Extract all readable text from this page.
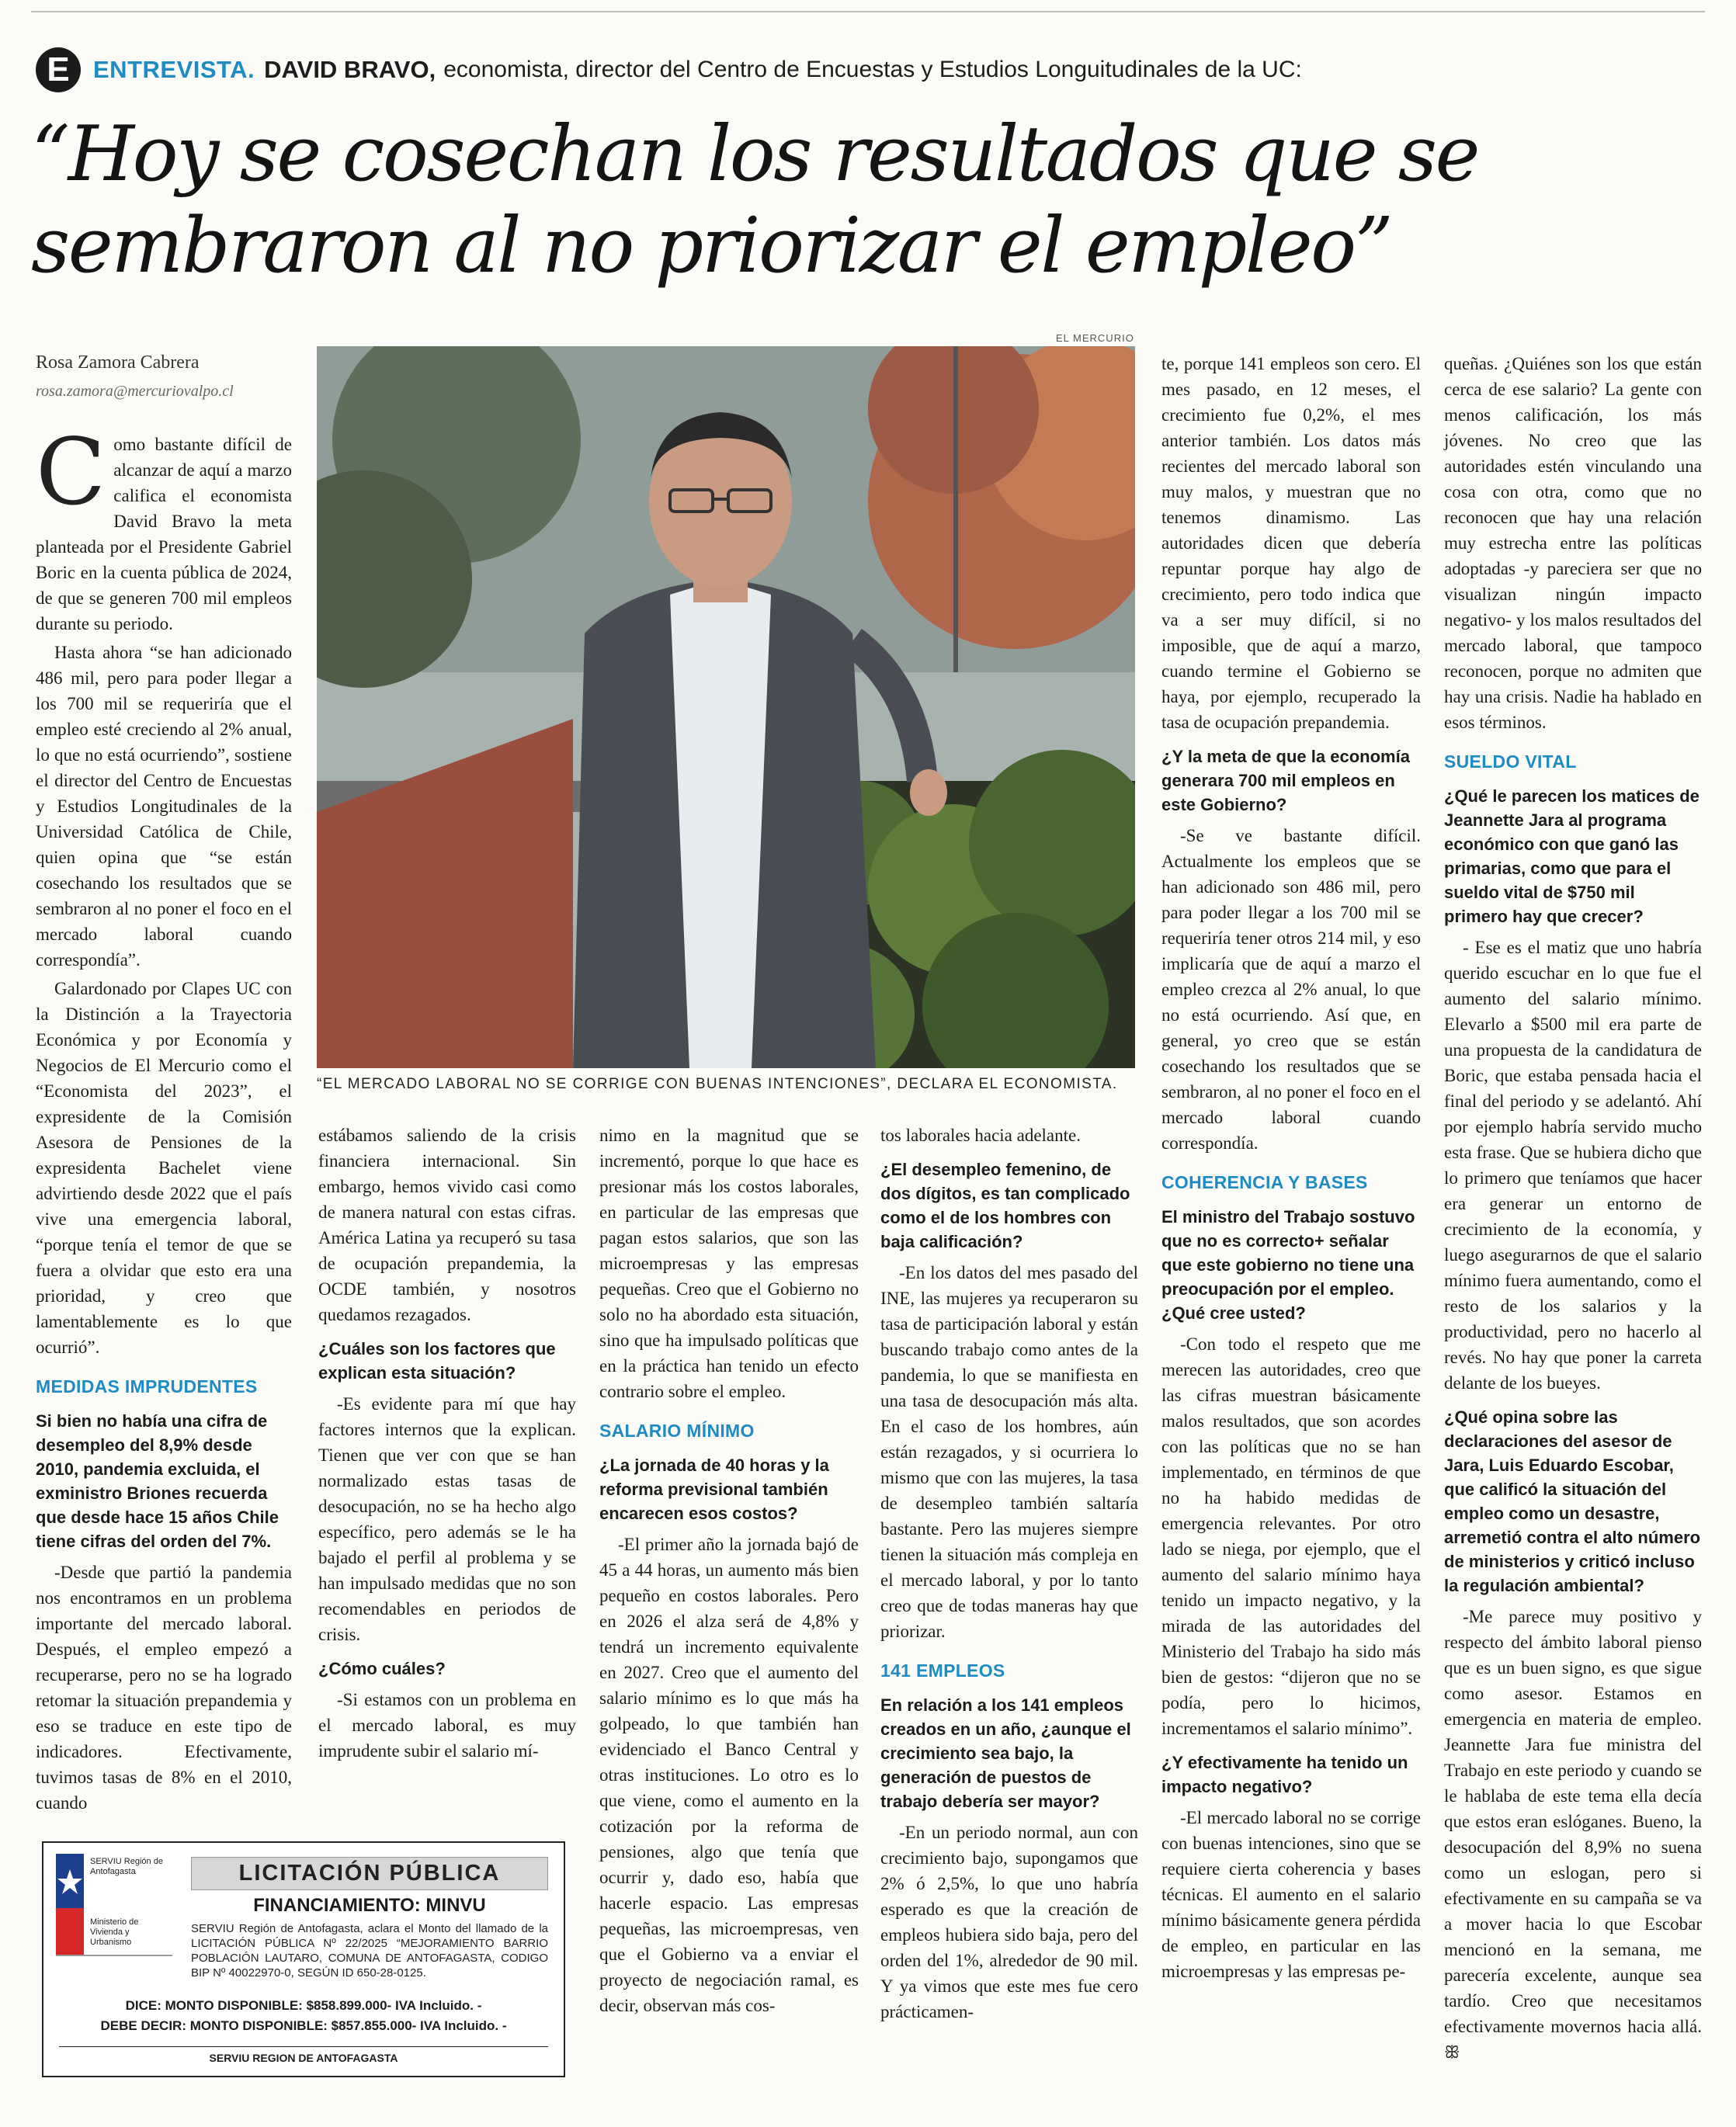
E ENTREVISTA. DAVID BRAVO, economista, director del Centro de Encuestas y Estudios Longuitudinales de la UC:
“Hoy se cosechan los resultados que se sembraron al no priorizar el empleo”
Rosa Zamora Cabrera
rosa.zamora@mercuriovalpo.cl
EL MERCURIO
“EL MERCADO LABORAL NO SE CORRIGE CON BUENAS INTENCIONES”, DECLARA EL ECONOMISTA.

Como bastante difícil de alcanzar de aquí a marzo califica el economista David Bravo la meta planteada por el Presidente Gabriel Boric en la cuenta pública de 2024, de que se generen 700 mil empleos durante su periodo.

Hasta ahora “se han adicionado 486 mil, pero para poder llegar a los 700 mil se requeriría que el empleo esté creciendo al 2% anual, lo que no está ocurriendo”, sostiene el director del Centro de Encuestas y Estudios Longitudinales de la Universidad Católica de Chile, quien opina que “se están cosechando los resultados que se sembraron al no poner el foco en el mercado laboral cuando correspondía”.

Galardonado por Clapes UC con la Distinción a la Trayectoria Económica y por Economía y Negocios de El Mercurio como el “Economista del 2023”, el expresidente de la Comisión Asesora de Pensiones de la expresidenta Bachelet viene advirtiendo desde 2022 que el país vive una emergencia laboral, “porque tenía el temor de que se fuera a olvidar que esto era una prioridad, y creo que lamentablemente es lo que ocurrió”.

MEDIDAS IMPRUDENTES

Si bien no había una cifra de desempleo del 8,9% desde 2010, pandemia excluida, el exministro Briones recuerda que desde hace 15 años Chile tiene cifras del orden del 7%.

-Desde que partió la pandemia nos encontramos en un problema importante del mercado laboral. Después, el empleo empezó a recuperarse, pero no se ha logrado retomar la situación prepandemia y eso se traduce en este tipo de indicadores. Efectivamente, tuvimos tasas de 8% en el 2010, cuando

estábamos saliendo de la crisis financiera internacional. Sin embargo, hemos vivido casi como de manera natural con estas cifras. América Latina ya recuperó su tasa de ocupación prepandemia, la OCDE también, y nosotros quedamos rezagados.

¿Cuáles son los factores que explican esta situación?

-Es evidente para mí que hay factores internos que la explican. Tienen que ver con que se han normalizado estas tasas de desocupación, no se ha hecho algo específico, pero además se le ha bajado el perfil al problema y se han impulsado medidas que no son recomendables en periodos de crisis.

¿Cómo cuáles?

-Si estamos con un problema en el mercado laboral, es muy imprudente subir el salario mí-

nimo en la magnitud que se incrementó, porque lo que hace es presionar más los costos laborales, en particular de las empresas que pagan estos salarios, que son las microempresas y las empresas pequeñas. Creo que el Gobierno no solo no ha abordado esta situación, sino que ha impulsado políticas que en la práctica han tenido un efecto contrario sobre el empleo.

SALARIO MÍNIMO

¿La jornada de 40 horas y la reforma previsional también encarecen esos costos?

-El primer año la jornada bajó de 45 a 44 horas, un aumento más bien pequeño en costos laborales. Pero en 2026 el alza será de 4,8% y tendrá un incremento equivalente en 2027. Creo que el aumento del salario mínimo es lo que más ha golpeado, lo que también han evidenciado el Banco Central y otras instituciones. Lo otro es lo que viene, como el aumento en la cotización por la reforma de pensiones, algo que tenía que ocurrir y, dado eso, había que hacerle espacio. Las empresas pequeñas, las microempresas, ven que el Gobierno va a enviar el proyecto de negociación ramal, es decir, observan más cos-

tos laborales hacia adelante.

¿El desempleo femenino, de dos dígitos, es tan complicado como el de los hombres con baja calificación?

-En los datos del mes pasado del INE, las mujeres ya recuperaron su tasa de participación laboral y están buscando trabajo como antes de la pandemia, lo que se manifiesta en una tasa de desocupación más alta. En el caso de los hombres, aún están rezagados, y si ocurriera lo mismo que con las mujeres, la tasa de desempleo también saltaría bastante. Pero las mujeres siempre tienen la situación más compleja en el mercado laboral, y por lo tanto creo que de todas maneras hay que priorizar.

141 EMPLEOS

En relación a los 141 empleos creados en un año, ¿aunque el crecimiento sea bajo, la generación de puestos de trabajo debería ser mayor?

-En un periodo normal, aun con crecimiento bajo, supongamos que 2% ó 2,5%, lo que uno habría esperado es que la creación de empleos hubiera sido baja, pero del orden del 1%, alrededor de 90 mil. Y ya vimos que este mes fue cero prácticamen-

te, porque 141 empleos son cero. El mes pasado, en 12 meses, el crecimiento fue 0,2%, el mes anterior también. Los datos más recientes del mercado laboral son muy malos, y muestran que no tenemos dinamismo. Las autoridades dicen que debería repuntar porque hay algo de crecimiento, pero todo indica que va a ser muy difícil, si no imposible, que de aquí a marzo, cuando termine el Gobierno se haya, por ejemplo, recuperado la tasa de ocupación prepandemia.

¿Y la meta de que la economía generara 700 mil empleos en este Gobierno?

-Se ve bastante difícil. Actualmente los empleos que se han adicionado son 486 mil, pero para poder llegar a los 700 mil se requeriría tener otros 214 mil, y eso implicaría que de aquí a marzo el empleo crezca al 2% anual, lo que no está ocurriendo. Así que, en general, yo creo que se están cosechando los resultados que se sembraron, al no poner el foco en el mercado laboral cuando correspondía.

COHERENCIA Y BASES

El ministro del Trabajo sostuvo que no es correcto+ señalar que este gobierno no tiene una preocupación por el empleo. ¿Qué cree usted?

-Con todo el respeto que me merecen las autoridades, creo que las cifras muestran básicamente malos resultados, que son acordes con las políticas que no se han implementado, en términos de que no ha habido medidas de emergencia relevantes. Por otro lado se niega, por ejemplo, que el aumento del salario mínimo haya tenido un impacto negativo, y la mirada de las autoridades del Ministerio del Trabajo ha sido más bien de gestos: “dijeron que no se podía, pero lo hicimos, incrementamos el salario mínimo”.

¿Y efectivamente ha tenido un impacto negativo?

-El mercado laboral no se corrige con buenas intenciones, sino que se requiere cierta coherencia y bases técnicas. El aumento en el salario mínimo básicamente genera pérdida de empleo, en particular en las microempresas y las empresas pe-

queñas. ¿Quiénes son los que están cerca de ese salario? La gente con menos calificación, los más jóvenes. No creo que las autoridades estén vinculando una cosa con otra, como que no reconocen que hay una relación muy estrecha entre las políticas adoptadas -y pareciera ser que no visualizan ningún impacto negativo- y los malos resultados del mercado laboral, que tampoco reconocen, porque no admiten que hay una crisis. Nadie ha hablado en esos términos.

SUELDO VITAL

¿Qué le parecen los matices de Jeannette Jara al programa económico con que ganó las primarias, como que para el sueldo vital de $750 mil primero hay que crecer?

- Ese es el matiz que uno habría querido escuchar en lo que fue el aumento del salario mínimo. Elevarlo a $500 mil era parte de una propuesta de la candidatura de Boric, que estaba pensada hacia el final del periodo y se adelantó. Ahí por ejemplo habría servido mucho esta frase. Que se hubiera dicho que lo primero que teníamos que hacer era generar un entorno de crecimiento de la economía, y luego asegurarnos de que el salario mínimo fuera aumentando, como el resto de los salarios y la productividad, pero no hacerlo al revés. No hay que poner la carreta delante de los bueyes.

¿Qué opina sobre las declaraciones del asesor de Jara, Luis Eduardo Escobar, que calificó la situación del empleo como un desastre, arremetió contra el alto número de ministerios y criticó incluso la regulación ambiental?

-Me parece muy positivo y respecto del ámbito laboral pienso que es un buen signo, es que sigue como asesor. Estamos en emergencia en materia de empleo. Jeannette Jara fue ministra del Trabajo en este periodo y cuando se le hablaba de este tema ella decía que estos eran eslóganes. Bueno, la desocupación del 8,9% no suena como un eslogan, pero si efectivamente en su campaña se va a mover hacia lo que Escobar mencionó en la semana, me parecería excelente, aunque sea tardío. Creo que necesitamos efectivamente movernos hacia allá. ꕥ

SERVIU Región de Antofagasta
Ministerio de Vivienda y Urbanismo
LICITACIÓN PÚBLICA
FINANCIAMIENTO: MINVU
SERVIU Región de Antofagasta, aclara el Monto del llamado de la LICITACIÓN PÚBLICA Nº 22/2025 “MEJORAMIENTO BARRIO POBLACIÓN LAUTARO, COMUNA DE ANTOFAGASTA, CODIGO BIP Nº 40022970-0, SEGÚN ID 650-28-0125.
DICE: MONTO DISPONIBLE: $858.899.000- IVA Incluido. -
DEBE DECIR: MONTO DISPONIBLE: $857.855.000- IVA Incluido. -
SERVIU REGION DE ANTOFAGASTA
